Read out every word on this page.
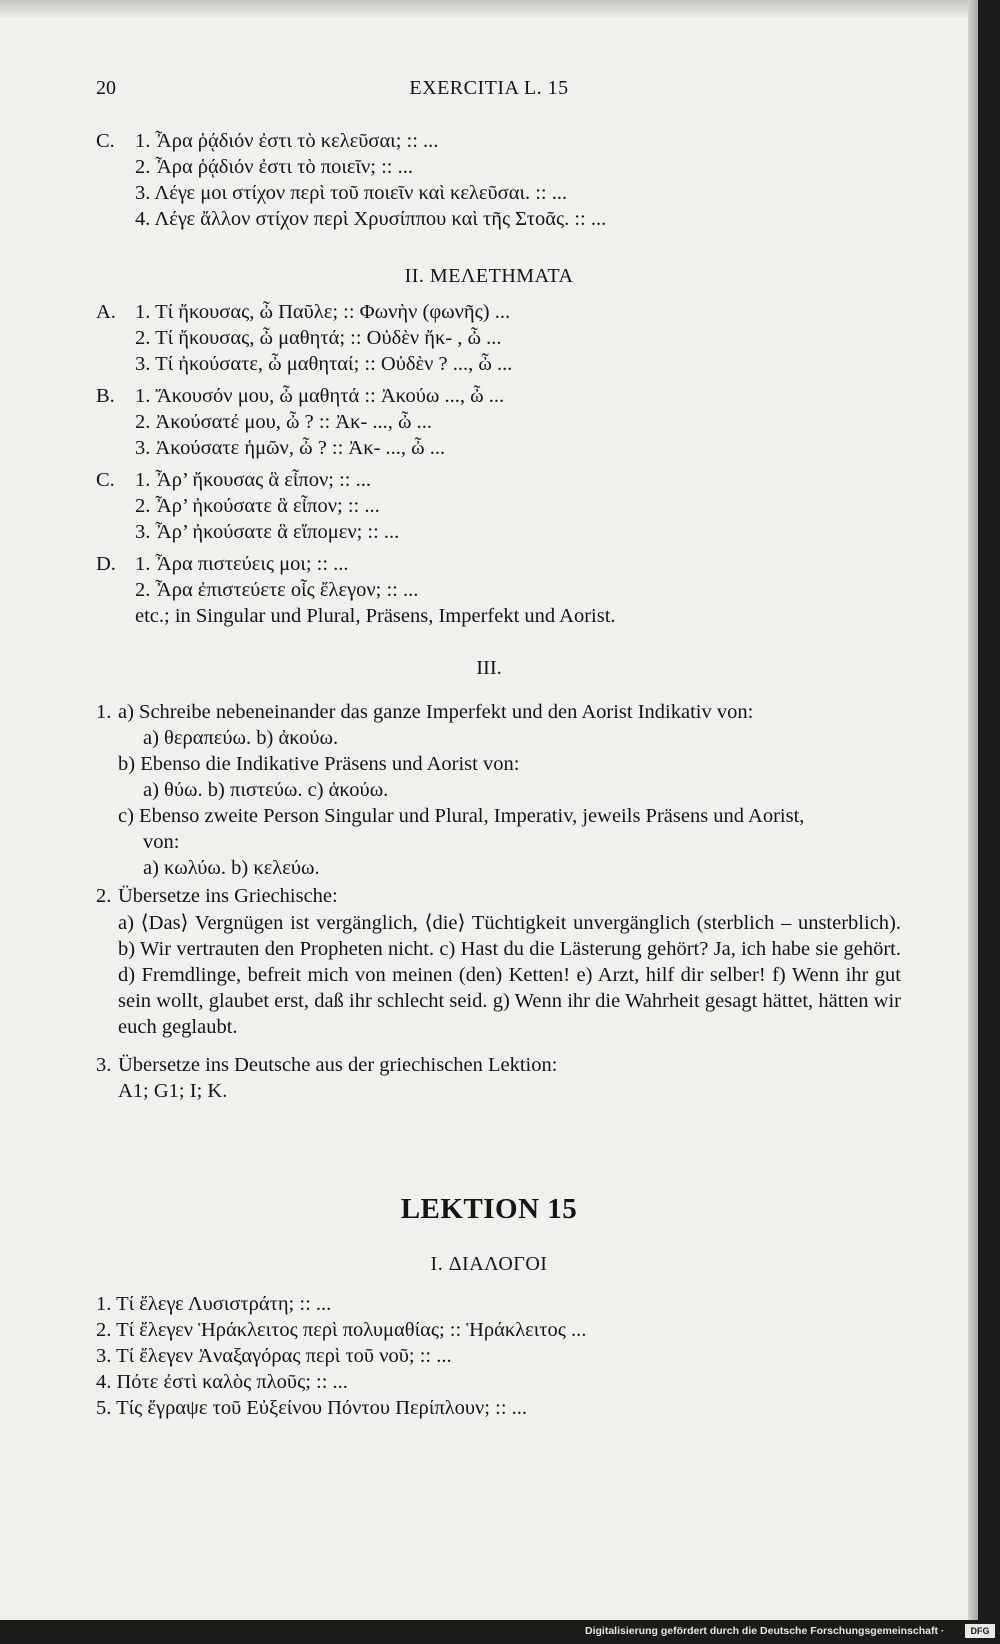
20	EXERCITIA L. 15
C. 1. Ἆρα ῥᾴδιόν ἐστι τὸ κελεῦσαι; :: ...
2. Ἆρα ῥᾴδιόν ἐστι τὸ ποιεῖν; :: ...
3. Λέγε μοι στίχον περὶ τοῦ ποιεῖν καὶ κελεῦσαι. :: ...
4. Λέγε ἄλλον στίχον περὶ Χρυσίππου καὶ τῆς Στοᾶς. :: ...
II. ΜΕΛΕΤΗΜΑΤΑ
A. 1. Τί ἤκουσας, ὦ Παῦλε; :: Φωνὴν (φωνῆς) ...
2. Τί ἤκουσας, ὦ μαθητά; :: Οὐδὲν ἤκ- , ὦ ...
3. Τί ἠκούσατε, ὦ μαθηταί; :: Οὐδὲν ? ..., ὦ ...
B. 1. Ἄκουσόν μου, ὦ μαθητά :: Ἀκούω ..., ὦ ...
2. Ἀκούσατέ μου, ὦ ? :: Ἀκ- ..., ὦ ...
3. Ἀκούσατε ἡμῶν, ὦ ? :: Ἀκ- ..., ὦ ...
C. 1. Ἆρ’ ἤκουσας ἃ εἶπον; :: ...
2. Ἆρ’ ἠκούσατε ἃ εἶπον; :: ...
3. Ἆρ’ ἠκούσατε ἃ εἴπομεν; :: ...
D. 1. Ἆρα πιστεύεις μοι; :: ...
2. Ἆρα ἐπιστεύετε οἷς ἔλεγον; :: ...
etc.; in Singular und Plural, Präsens, Imperfekt und Aorist.
III.
1. a) Schreibe nebeneinander das ganze Imperfekt und den Aorist Indikativ von:
a) θεραπεύω. b) ἀκούω.
b) Ebenso die Indikative Präsens und Aorist von:
a) θύω. b) πιστεύω. c) ἀκούω.
c) Ebenso zweite Person Singular und Plural, Imperativ, jeweils Präsens und Aorist,
von:
a) κωλύω. b) κελεύω.
2. Übersetze ins Griechische:
a) ⟨Das⟩ Vergnügen ist vergänglich, ⟨die⟩ Tüchtigkeit unvergänglich (sterblich – unsterblich). b) Wir vertrauten den Propheten nicht. c) Hast du die Lästerung gehört? Ja, ich habe sie gehört. d) Fremdlinge, befreit mich von meinen (den) Ketten! e) Arzt, hilf dir selber! f) Wenn ihr gut sein wollt, glaubet erst, daß ihr schlecht seid. g) Wenn ihr die Wahrheit gesagt hättet, hätten wir euch geglaubt.
3. Übersetze ins Deutsche aus der griechischen Lektion:
A1; G1; I; K.
LEKTION 15
I. ΔΙΑΛΟΓΟΙ
1. Τί ἔλεγε Λυσιστράτη; :: ...
2. Τί ἔλεγεν Ἡράκλειτος περὶ πολυμαθίας; :: Ἡράκλειτος ...
3. Τί ἔλεγεν Ἀναξαγόρας περὶ τοῦ νοῦ; :: ...
4. Πότε ἐστὶ καλὸς πλοῦς; :: ...
5. Τίς ἔγραψε τοῦ Εὐξείνου Πόντου Περίπλουν; :: ...
Digitalisierung gefördert durch die Deutsche Forschungsgemeinschaft ·	DFG
